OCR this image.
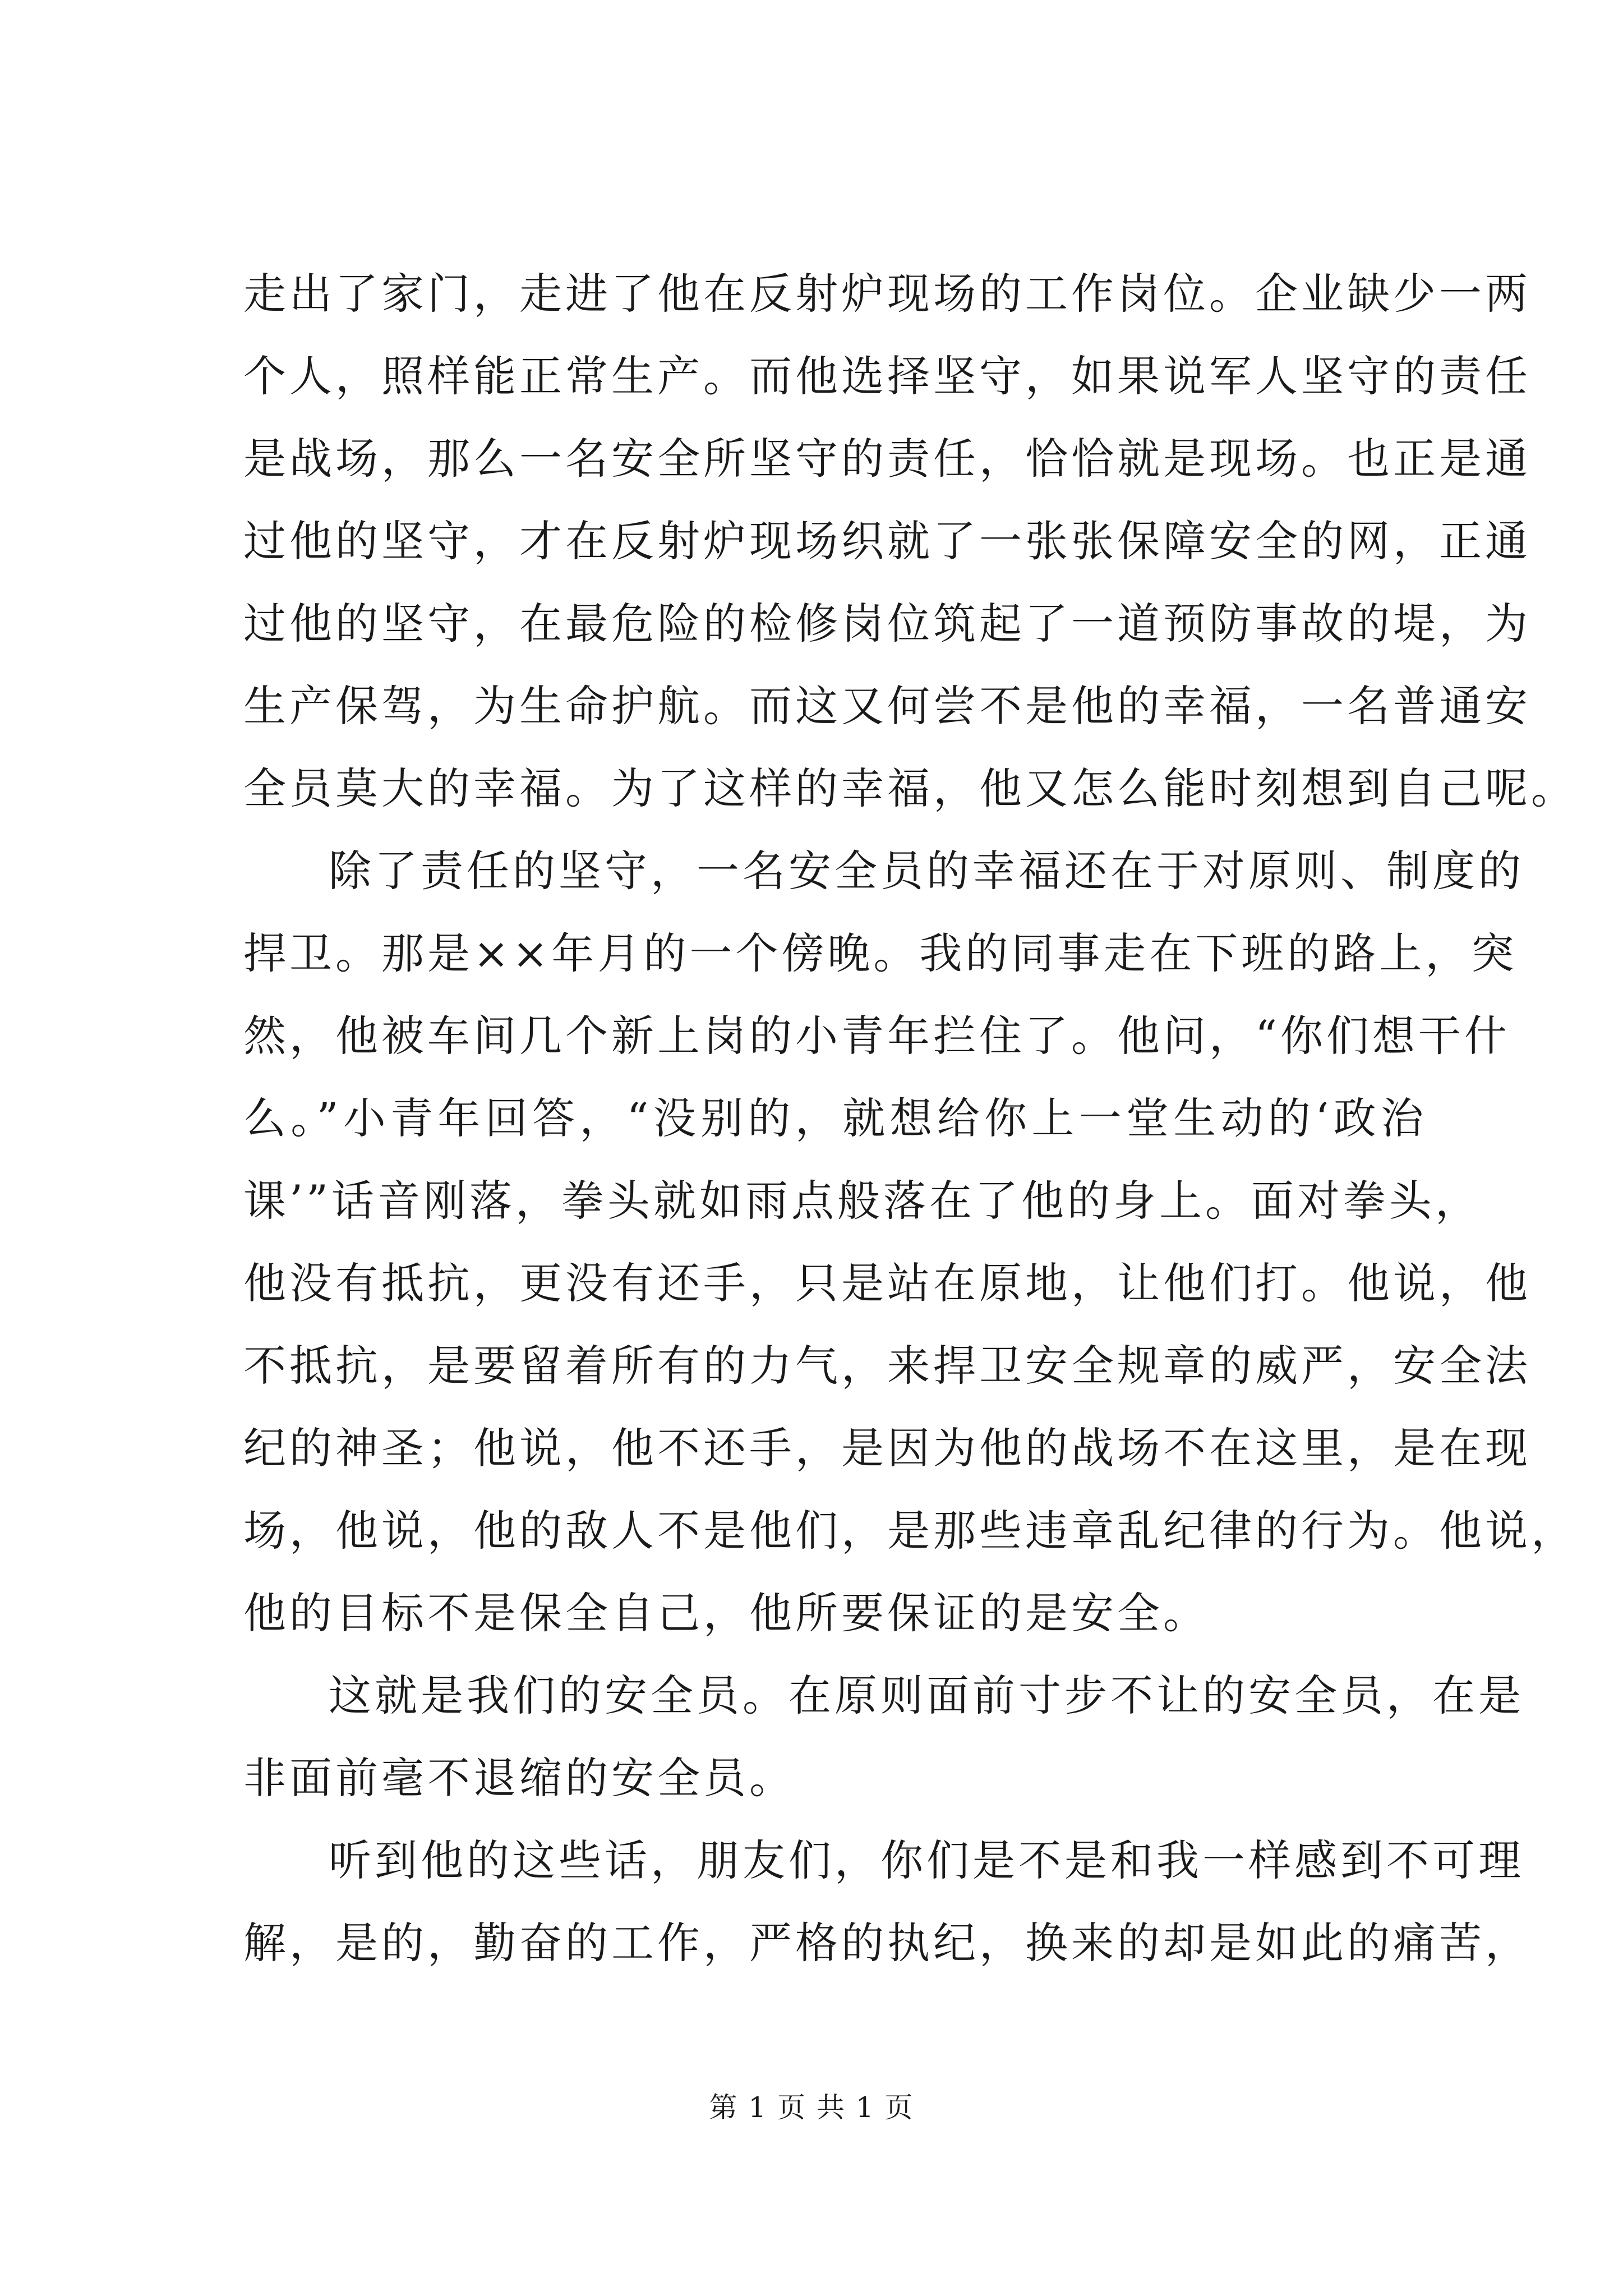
走出了家门，走进了他在反射炉现场的工作岗位。企业缺少一两
个人，照样能正常生产。而他选择坚守，如果说军人坚守的责任
是战场，那么一名安全所坚守的责任，恰恰就是现场。也正是通
过他的坚守，才在反射炉现场织就了一张张保障安全的网，正通
过他的坚守，在最危险的检修岗位筑起了一道预防事故的堤，为
生产保驾，为生命护航。而这又何尝不是他的幸福，一名普通安
全员莫大的幸福。为了这样的幸福，他又怎么能时刻想到自己呢。
除了责任的坚守，一名安全员的幸福还在于对原则、制度的
捍卫。那是××年月的一个傍晚。我的同事走在下班的路上，突
然，他被车间几个新上岗的小青年拦住了。他问，“你们想干什
么。”小青年回答，“没别的，就想给你上一堂生动的‘政治
课’”话音刚落，拳头就如雨点般落在了他的身上。面对拳头，
他没有抵抗，更没有还手，只是站在原地，让他们打。他说，他
不抵抗，是要留着所有的力气，来捍卫安全规章的威严，安全法
纪的神圣；他说，他不还手，是因为他的战场不在这里，是在现
场，他说，他的敌人不是他们，是那些违章乱纪律的行为。他说，
他的目标不是保全自己，他所要保证的是安全。
这就是我们的安全员。在原则面前寸步不让的安全员，在是
非面前毫不退缩的安全员。
听到他的这些话，朋友们，你们是不是和我一样感到不可理
解，是的，勤奋的工作，严格的执纪，换来的却是如此的痛苦，
第 1 页 共 1 页
